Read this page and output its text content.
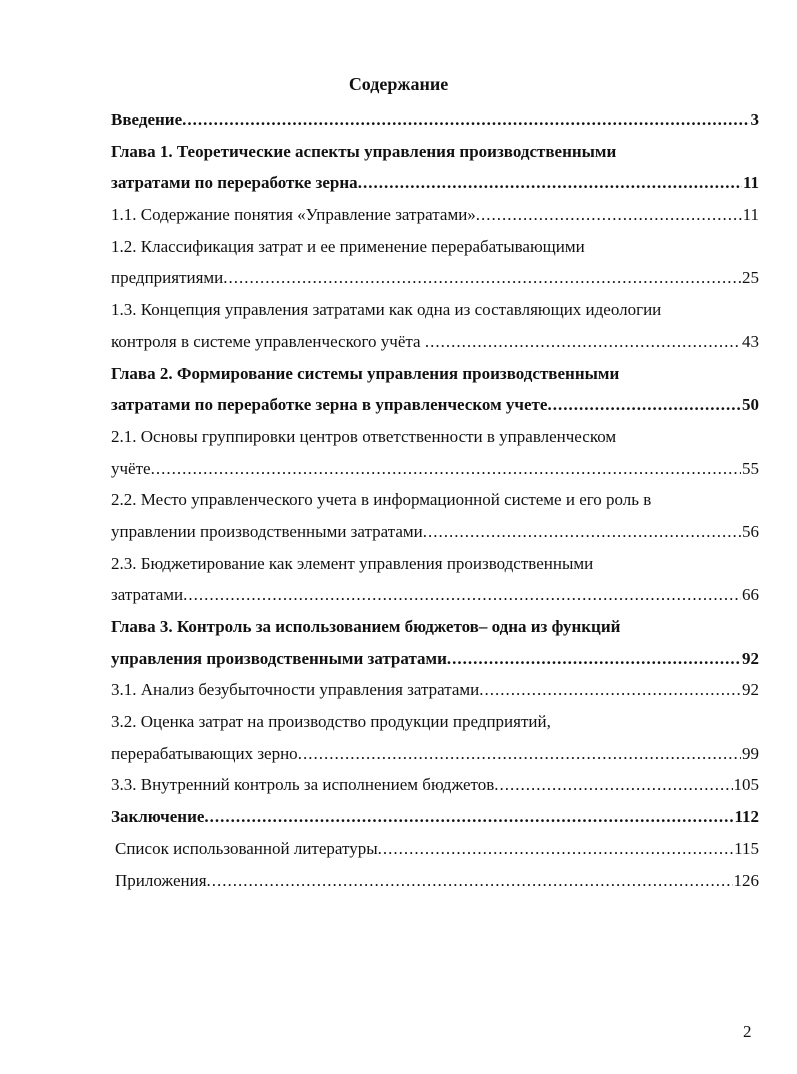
Содержание
Введение .....	3
Глава 1. Теоретические аспекты управления производственными
затратами по переработке зерна .....	11
1.1. Содержание понятия «Управление затратами» .....	11
1.2. Классификация затрат и ее применение перерабатывающими
предприятиями .....	25
1.3. Концепция управления затратами как одна из составляющих идеологии
контроля в системе управленческого учёта .....	43
Глава 2. Формирование системы управления производственными
затратами по переработке зерна в управленческом учете .....	50
2.1. Основы группировки центров ответственности в управленческом
учёте .....	55
2.2. Место управленческого учета в информационной системе и его роль в
управлении производственными затратами .....	56
2.3. Бюджетирование как элемент управления производственными
затратами .....	66
Глава 3. Контроль за использованием бюджетов– одна из функций
управления производственными затратами .....	92
3.1. Анализ безубыточности управления затратами .....	92
3.2. Оценка затрат на производство продукции предприятий,
перерабатывающих зерно .....	99
3.3. Внутренний контроль за исполнением бюджетов .....	105
Заключение .....	112
Список использованной литературы .....	115
Приложения .....	126
2
